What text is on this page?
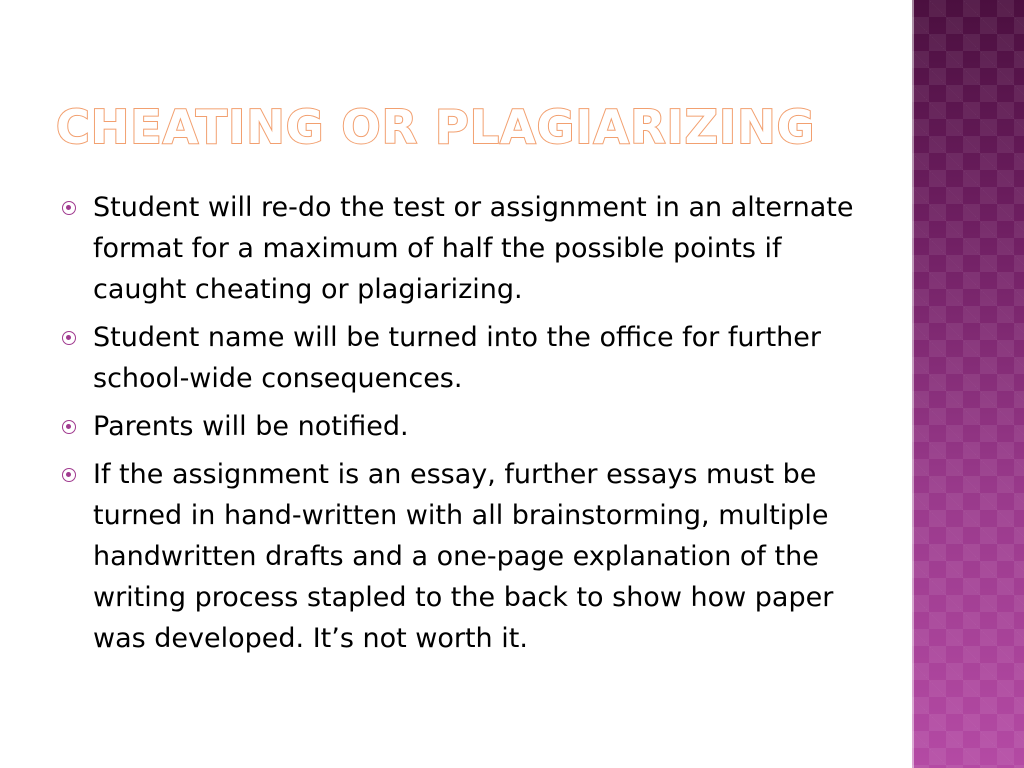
CHEATING OR PLAGIARIZING
Student will re-do the test or assignment in an alternate format for a maximum of half the possible points if caught cheating or plagiarizing.
Student name will be turned into the office for further school-wide consequences.
Parents will be notified.
If the assignment is an essay, further essays must be turned in hand-written with all brainstorming, multiple handwritten drafts and a one-page explanation of the writing process stapled to the back to show how paper was developed. It’s not worth it.
